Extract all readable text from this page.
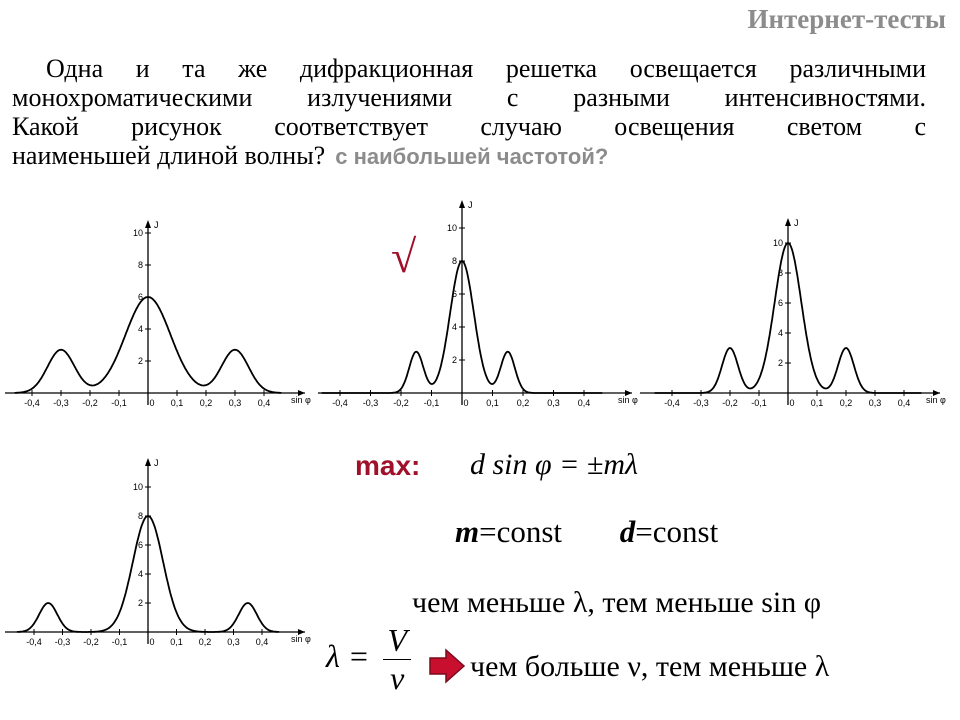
Интернет-тесты
Одна и та же дифракционная решетка освещается различными
монохроматическими излучениями с разными интенсивностями.
Какой рисунок соответствует случаю освещения светом с
наименьшей длиной волны? с наибольшей частотой?
√
J
2
4
6
8
10
-0,4 -0,3 -0,2 -0,1	0 0,1 0,2 0,3 0,4 sin φ
J
2
4
6
8
10
-0,4 -0,3 -0,2 -0,1	0 0,1 0,2 0,3 0,4	sin φ
J
2
4
6
8
10
-0,4 -0,3 -0,2 -0,1	0 0,1 0,2 0,3 0,4 sin φ
J
2
4
6
8
10
-0,4 -0,3 -0,2 -0,1 0 0,1 0,2 0,3 0,4	sin φ
max: d sin φ = ±mλ
m=const d=const
чем меньше λ, тем меньше sin φ
$\lambda = \frac{V}{\nu}$ чем больше ν, тем меньше λ
